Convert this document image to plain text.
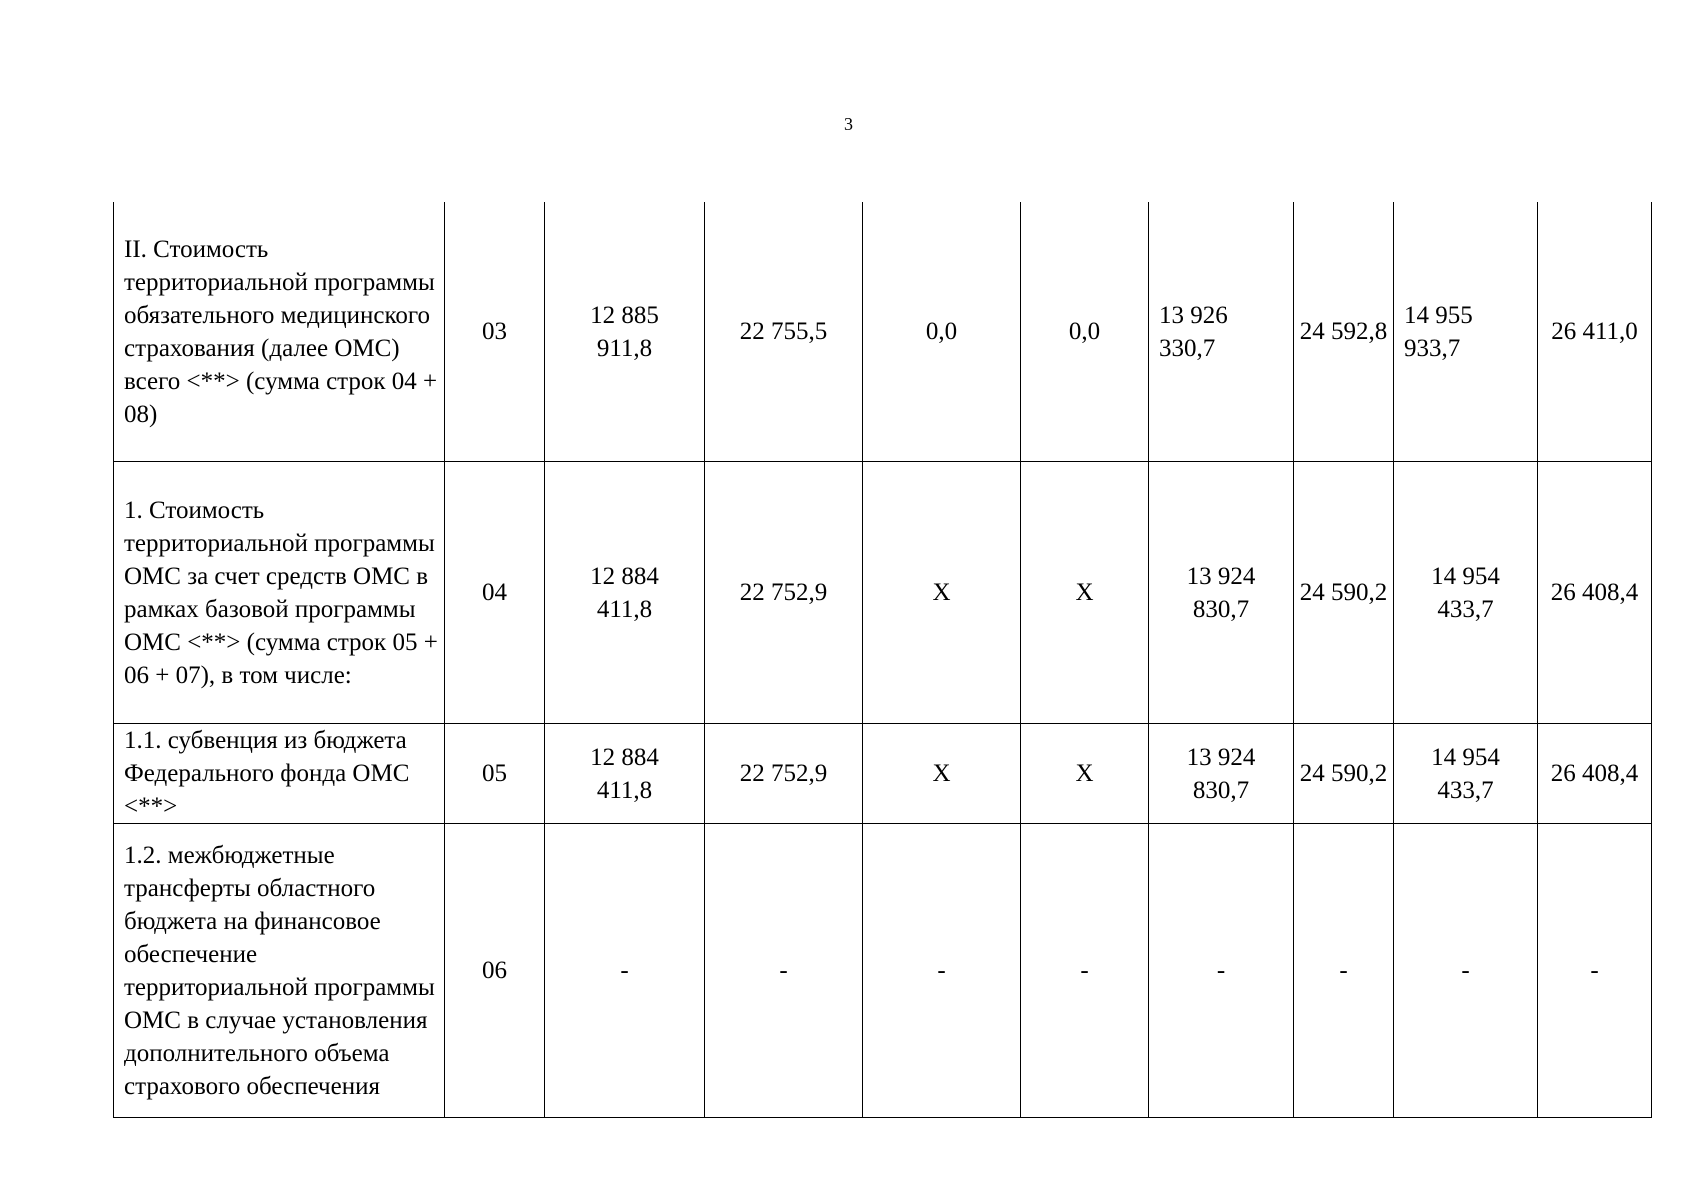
3
II. Стоимость территориальной программы обязательного медицинского страхования (далее ОМС) всего <**> (сумма строк 04 + 08)	03	12 885 911,8	22 755,5	0,0	0,0	13 926 330,7	24 592,8	14 955 933,7	26 411,0

1. Стоимость территориальной программы ОМС за счет средств ОМС в рамках базовой программы ОМС <**> (сумма строк 05 + 06 + 07), в том числе:	04	12 884 411,8	22 752,9	Х	Х	13 924 830,7	24 590,2	14 954 433,7	26 408,4

1.1. субвенция из бюджета Федерального фонда ОМС <**>	05	12 884 411,8	22 752,9	Х	Х	13 924 830,7	24 590,2	14 954 433,7	26 408,4

1.2. межбюджетные трансферты областного бюджета на финансовое обеспечение территориальной программы ОМС в случае установления дополнительного объема страхового обеспечения	06	-	-	-	-	-	-	-	-
